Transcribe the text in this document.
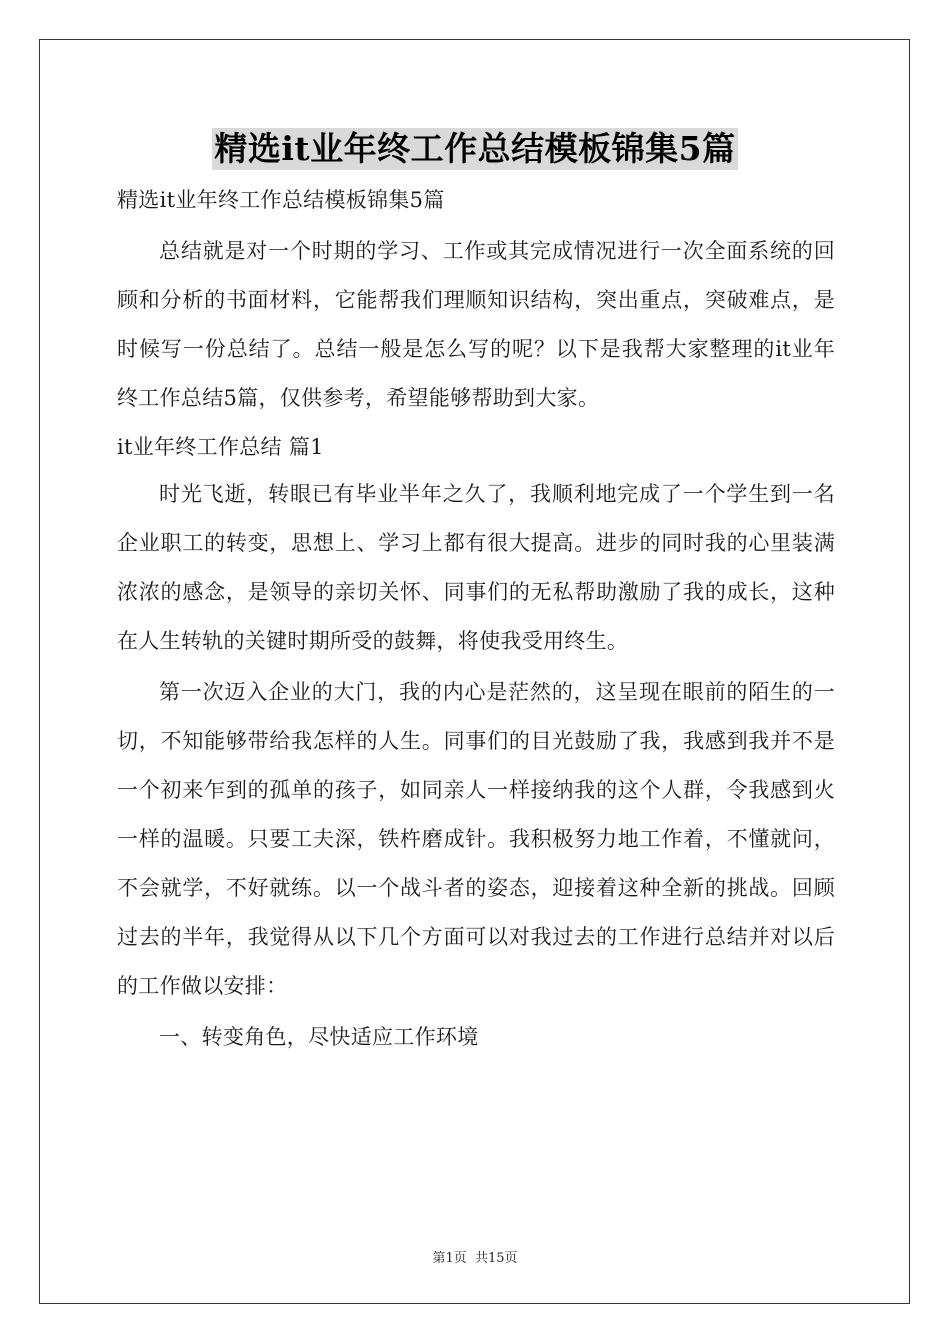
精选it业年终工作总结模板锦集5篇

精选it业年终工作总结模板锦集5篇

总结就是对一个时期的学习、工作或其完成情况进行一次全面系统的回顾和分析的书面材料，它能帮我们理顺知识结构，突出重点，突破难点，是时候写一份总结了。总结一般是怎么写的呢？以下是我帮大家整理的it业年终工作总结5篇，仅供参考，希望能够帮助到大家。

it业年终工作总结 篇1

时光飞逝，转眼已有毕业半年之久了，我顺利地完成了一个学生到一名企业职工的转变，思想上、学习上都有很大提高。进步的同时我的心里装满浓浓的感念，是领导的亲切关怀、同事们的无私帮助激励了我的成长，这种在人生转轨的关键时期所受的鼓舞，将使我受用终生。

第一次迈入企业的大门，我的内心是茫然的，这呈现在眼前的陌生的一切，不知能够带给我怎样的人生。同事们的目光鼓励了我，我感到我并不是一个初来乍到的孤单的孩子，如同亲人一样接纳我的这个人群，令我感到火一样的温暖。只要工夫深，铁杵磨成针。我积极努力地工作着，不懂就问，不会就学，不好就练。以一个战斗者的姿态，迎接着这种全新的挑战。回顾过去的半年，我觉得从以下几个方面可以对我过去的工作进行总结并对以后的工作做以安排：

一、转变角色，尽快适应工作环境

第1页 共15页
